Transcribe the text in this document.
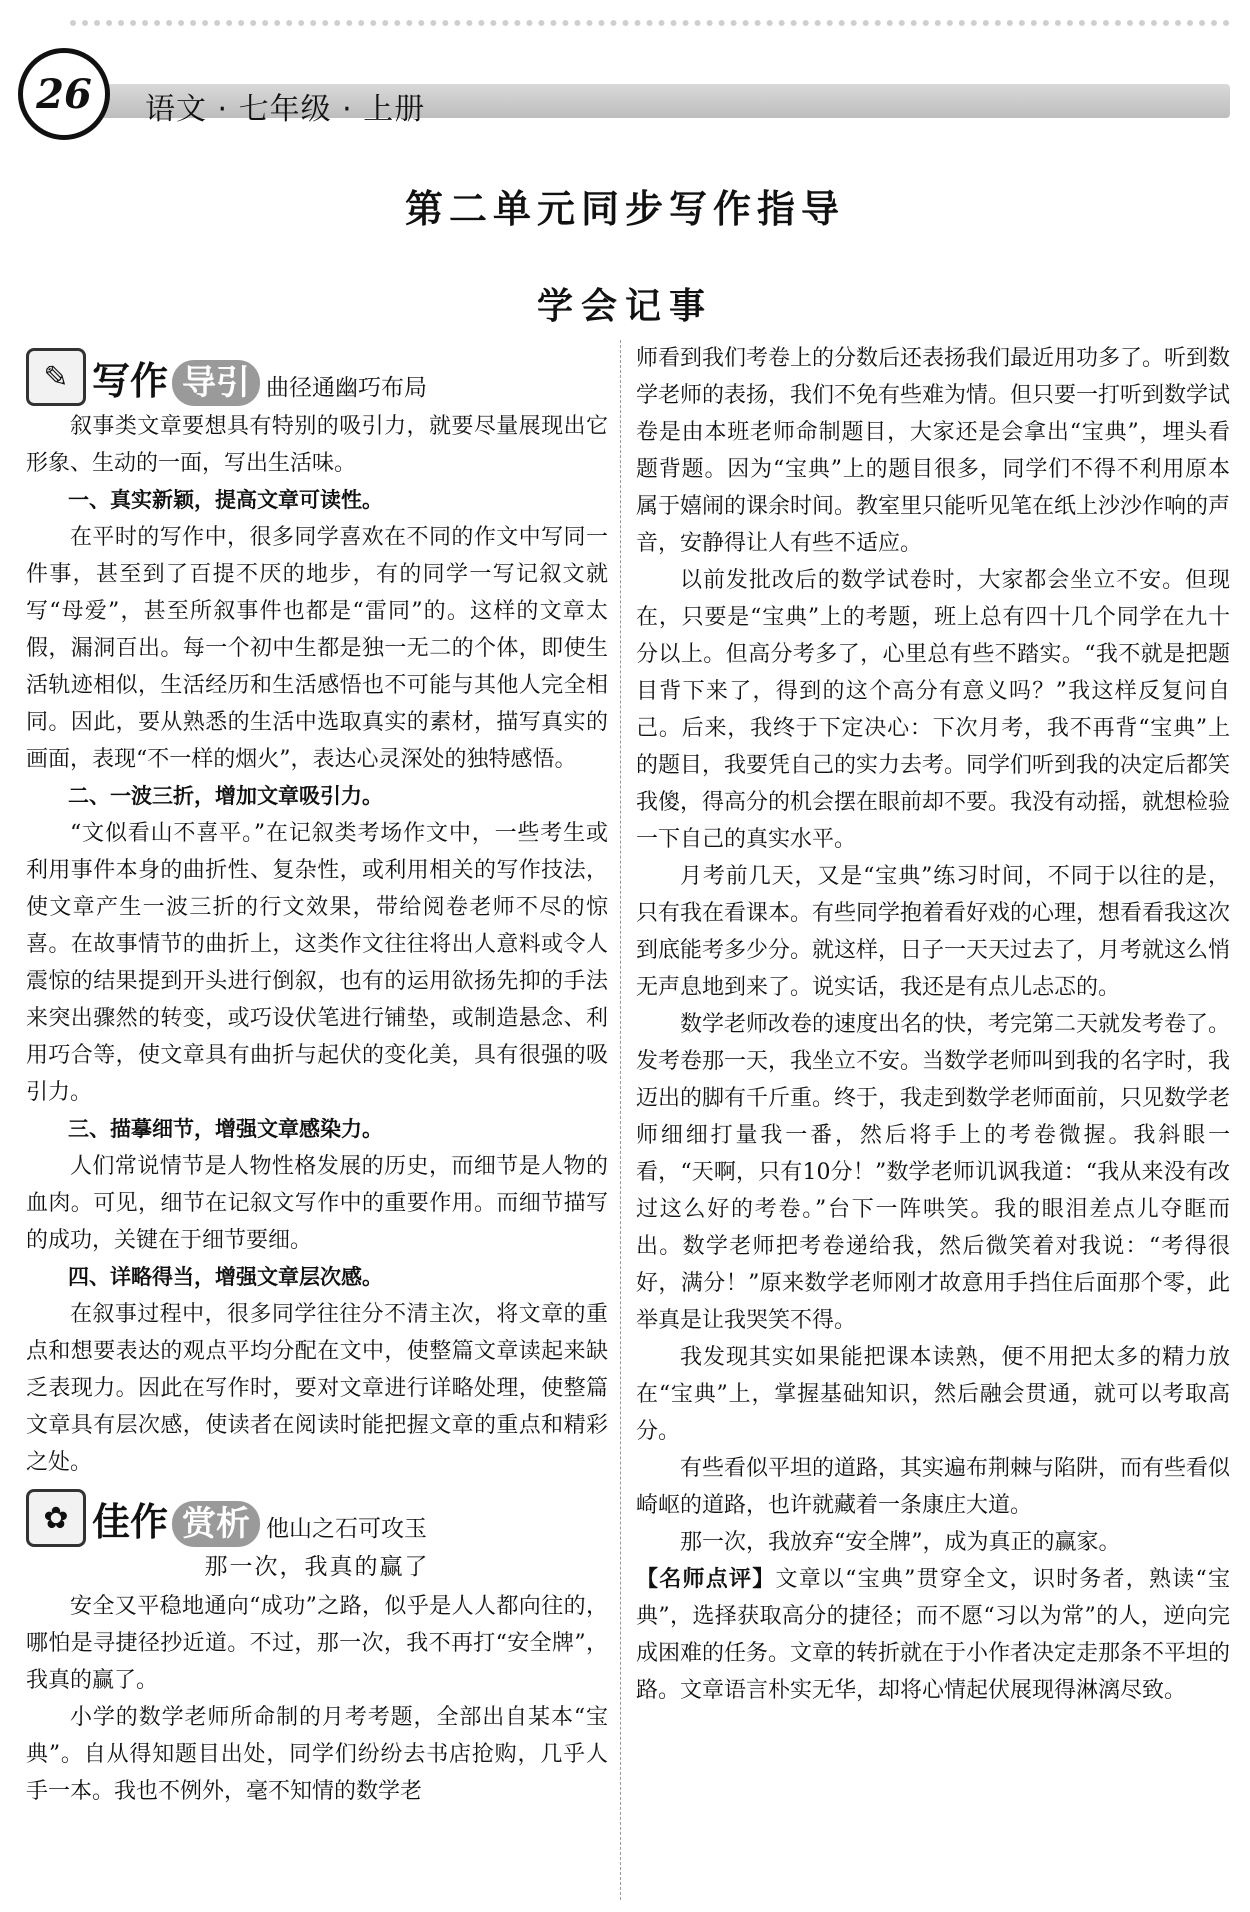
26 语文 · 七年级 · 上册
第二单元同步写作指导
学会记事
✎ 写作 导引 曲径通幽巧布局

叙事类文章要想具有特别的吸引力，就要尽量展现出它形象、生动的一面，写出生活味。

一、真实新颖，提高文章可读性。

在平时的写作中，很多同学喜欢在不同的作文中写同一件事，甚至到了百提不厌的地步，有的同学一写记叙文就写“母爱”，甚至所叙事件也都是“雷同”的。这样的文章太假，漏洞百出。每一个初中生都是独一无二的个体，即使生活轨迹相似，生活经历和生活感悟也不可能与其他人完全相同。因此，要从熟悉的生活中选取真实的素材，描写真实的画面，表现“不一样的烟火”，表达心灵深处的独特感悟。

二、一波三折，增加文章吸引力。

“文似看山不喜平。”在记叙类考场作文中，一些考生或利用事件本身的曲折性、复杂性，或利用相关的写作技法，使文章产生一波三折的行文效果，带给阅卷老师不尽的惊喜。在故事情节的曲折上，这类作文往往将出人意料或令人震惊的结果提到开头进行倒叙，也有的运用欲扬先抑的手法来突出骤然的转变，或巧设伏笔进行铺垫，或制造悬念、利用巧合等，使文章具有曲折与起伏的变化美，具有很强的吸引力。

三、描摹细节，增强文章感染力。

人们常说情节是人物性格发展的历史，而细节是人物的血肉。可见，细节在记叙文写作中的重要作用。而细节描写的成功，关键在于细节要细。

四、详略得当，增强文章层次感。

在叙事过程中，很多同学往往分不清主次，将文章的重点和想要表达的观点平均分配在文中，使整篇文章读起来缺乏表现力。因此在写作时，要对文章进行详略处理，使整篇文章具有层次感，使读者在阅读时能把握文章的重点和精彩之处。

✿ 佳作 赏析 他山之石可攻玉
那一次，我真的赢了

安全又平稳地通向“成功”之路，似乎是人人都向往的，哪怕是寻捷径抄近道。不过，那一次，我不再打“安全牌”，我真的赢了。

小学的数学老师所命制的月考考题，全部出自某本“宝典”。自从得知题目出处，同学们纷纷去书店抢购，几乎人手一本。我也不例外，毫不知情的数学老

师看到我们考卷上的分数后还表扬我们最近用功多了。听到数学老师的表扬，我们不免有些难为情。但只要一打听到数学试卷是由本班老师命制题目，大家还是会拿出“宝典”，埋头看题背题。因为“宝典”上的题目很多，同学们不得不利用原本属于嬉闹的课余时间。教室里只能听见笔在纸上沙沙作响的声音，安静得让人有些不适应。

以前发批改后的数学试卷时，大家都会坐立不安。但现在，只要是“宝典”上的考题，班上总有四十几个同学在九十分以上。但高分考多了，心里总有些不踏实。“我不就是把题目背下来了，得到的这个高分有意义吗？”我这样反复问自己。后来，我终于下定决心：下次月考，我不再背“宝典”上的题目，我要凭自己的实力去考。同学们听到我的决定后都笑我傻，得高分的机会摆在眼前却不要。我没有动摇，就想检验一下自己的真实水平。

月考前几天，又是“宝典”练习时间，不同于以往的是，只有我在看课本。有些同学抱着看好戏的心理，想看看我这次到底能考多少分。就这样，日子一天天过去了，月考就这么悄无声息地到来了。说实话，我还是有点儿忐忑的。

数学老师改卷的速度出名的快，考完第二天就发考卷了。发考卷那一天，我坐立不安。当数学老师叫到我的名字时，我迈出的脚有千斤重。终于，我走到数学老师面前，只见数学老师细细打量我一番，然后将手上的考卷微握。我斜眼一看，“天啊，只有10分！”数学老师讥讽我道：“我从来没有改过这么好的考卷。”台下一阵哄笑。我的眼泪差点儿夺眶而出。数学老师把考卷递给我，然后微笑着对我说：“考得很好，满分！”原来数学老师刚才故意用手挡住后面那个零，此举真是让我哭笑不得。

我发现其实如果能把课本读熟，便不用把太多的精力放在“宝典”上，掌握基础知识，然后融会贯通，就可以考取高分。

有些看似平坦的道路，其实遍布荆棘与陷阱，而有些看似崎岖的道路，也许就藏着一条康庄大道。

那一次，我放弃“安全牌”，成为真正的赢家。

【名师点评】文章以“宝典”贯穿全文，识时务者，熟读“宝典”，选择获取高分的捷径；而不愿“习以为常”的人，逆向完成困难的任务。文章的转折就在于小作者决定走那条不平坦的路。文章语言朴实无华，却将心情起伏展现得淋漓尽致。
